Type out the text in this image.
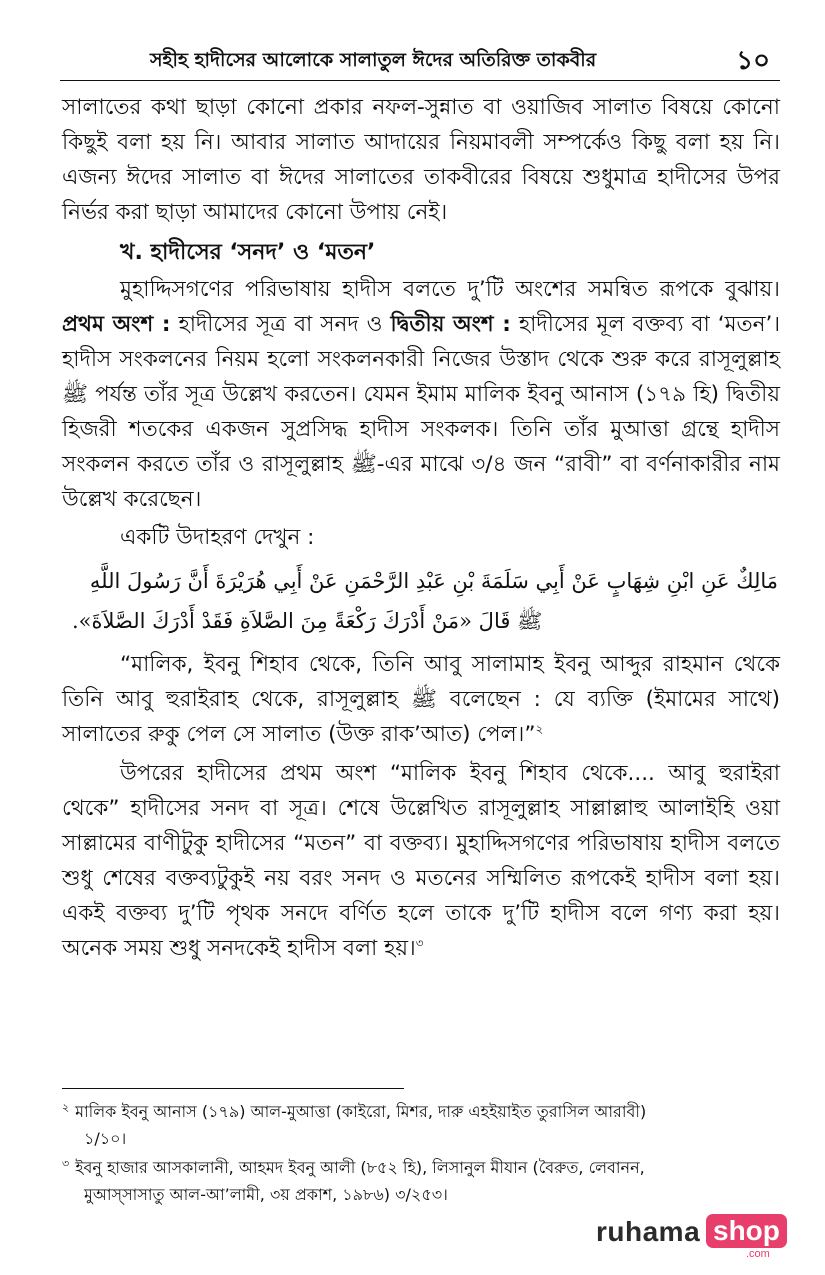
সহীহ হাদীসের আলোকে সালাতুল ঈদের অতিরিক্ত তাকবীর	১০

সালাতের কথা ছাড়া কোনো প্রকার নফল-সুন্নাত বা ওয়াজিব সালাত বিষয়ে কোনো কিছুই বলা হয় নি। আবার সালাত আদায়ের নিয়মাবলী সম্পর্কেও কিছু বলা হয় নি। এজন্য ঈদের সালাত বা ঈদের সালাতের তাকবীরের বিষয়ে শুধুমাত্র হাদীসের উপর নির্ভর করা ছাড়া আমাদের কোনো উপায় নেই।

খ. হাদীসের ‘সনদ’ ও ‘মতন’

মুহাদ্দিসগণের পরিভাষায় হাদীস বলতে দু’টি অংশের সমন্বিত রূপকে বুঝায়। প্রথম অংশ : হাদীসের সূত্র বা সনদ ও দ্বিতীয় অংশ : হাদীসের মূল বক্তব্য বা ‘মতন’। হাদীস সংকলনের নিয়ম হলো সংকলনকারী নিজের উস্তাদ থেকে শুরু করে রাসূলুল্লাহ ﷺ পর্যন্ত তাঁর সূত্র উল্লেখ করতেন। যেমন ইমাম মালিক ইবনু আনাস (১৭৯ হি) দ্বিতীয় হিজরী শতকের একজন সুপ্রসিদ্ধ হাদীস সংকলক। তিনি তাঁর মুআত্তা গ্রন্থে হাদীস সংকলন করতে তাঁর ও রাসূলুল্লাহ ﷺ-এর মাঝে ৩/৪ জন “রাবী” বা বর্ণনাকারীর নাম উল্লেখ করেছেন।

একটি উদাহরণ দেখুন :

مَالِكٌ عَنِ ابْنِ شِهَابٍ عَنْ أَبِي سَلَمَةَ بْنِ عَبْدِ الرَّحْمَنِ عَنْ أَبِي هُرَيْرَةَ أَنَّ رَسُولَ اللَّهِ ﷺ قَالَ «مَنْ أَدْرَكَ رَكْعَةً مِنَ الصَّلاَةِ فَقَدْ أَدْرَكَ الصَّلاَةَ».

“মালিক, ইবনু শিহাব থেকে, তিনি আবু সালামাহ ইবনু আব্দুর রাহমান থেকে তিনি আবু হুরাইরাহ থেকে, রাসূলুল্লাহ ﷺ বলেছেন : যে ব্যক্তি (ইমামের সাথে) সালাতের রুকু পেল সে সালাত (উক্ত রাক’আত) পেল।”$^২$

উপরের হাদীসের প্রথম অংশ “মালিক ইবনু শিহাব থেকে.... আবু হুরাইরা থেকে” হাদীসের সনদ বা সূত্র। শেষে উল্লেখিত রাসূলুল্লাহ সাল্লাল্লাহু আলাইহি ওয়া সাল্লামের বাণীটুকু হাদীসের “মতন” বা বক্তব্য। মুহাদ্দিসগণের পরিভাষায় হাদীস বলতে শুধু শেষের বক্তব্যটুকুই নয় বরং সনদ ও মতনের সম্মিলিত রূপকেই হাদীস বলা হয়। একই বক্তব্য দু’টি পৃথক সনদে বর্ণিত হলে তাকে দু’টি হাদীস বলে গণ্য করা হয়। অনেক সময় শুধু সনদকেই হাদীস বলা হয়।$^৩$

$^২$ মালিক ইবনু আনাস (১৭৯) আল-মুআত্তা (কাইরো, মিশর, দারু এহইয়াইত তুরাসিল আরাবী)
১/১০।
$^৩$ ইবনু হাজার আসকালানী, আহমদ ইবনু আলী (৮৫২ হি), লিসানুল মীযান (বৈরুত, লেবানন,
মুআস্সাসাতু আল-আ’লামী, ৩য় প্রকাশ, ১৯৮৬) ৩/২৫৩।
ruhama shop
.com
